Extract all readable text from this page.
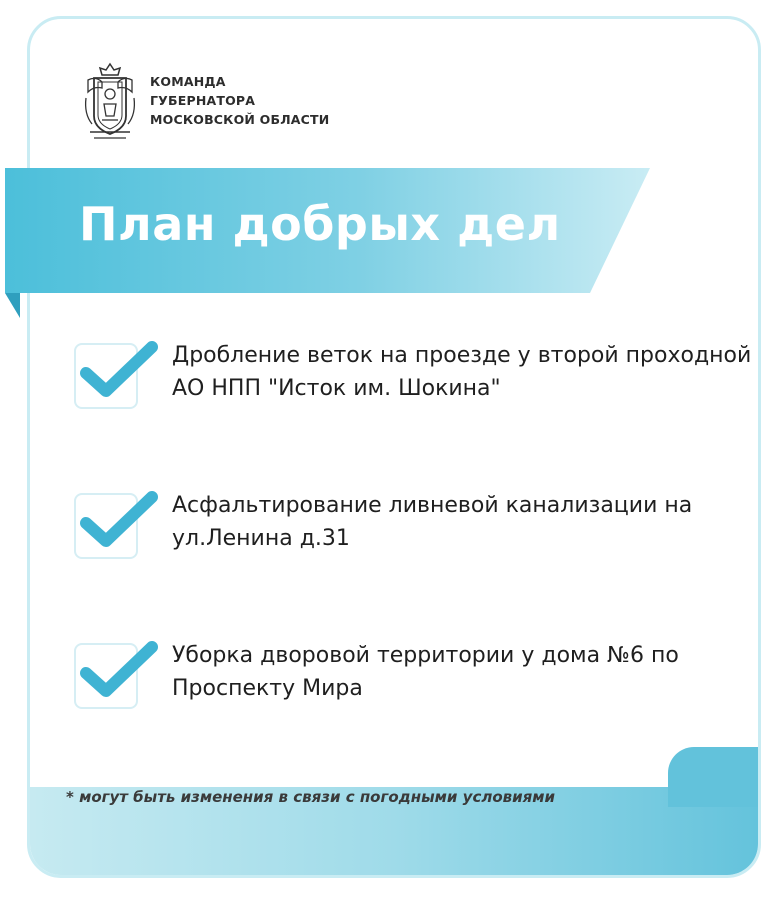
КОМАНДА
ГУБЕРНАТОРА
МОСКОВСКОЙ ОБЛАСТИ
План добрых дел
Дробление веток на проезде у второй проходной АО НПП "Исток им. Шокина"
Асфальтирование ливневой канализации на ул.Ленина д.31
Уборка дворовой территории у дома №6 по Проспекту Мира
* могут быть изменения в связи с погодными условиями
